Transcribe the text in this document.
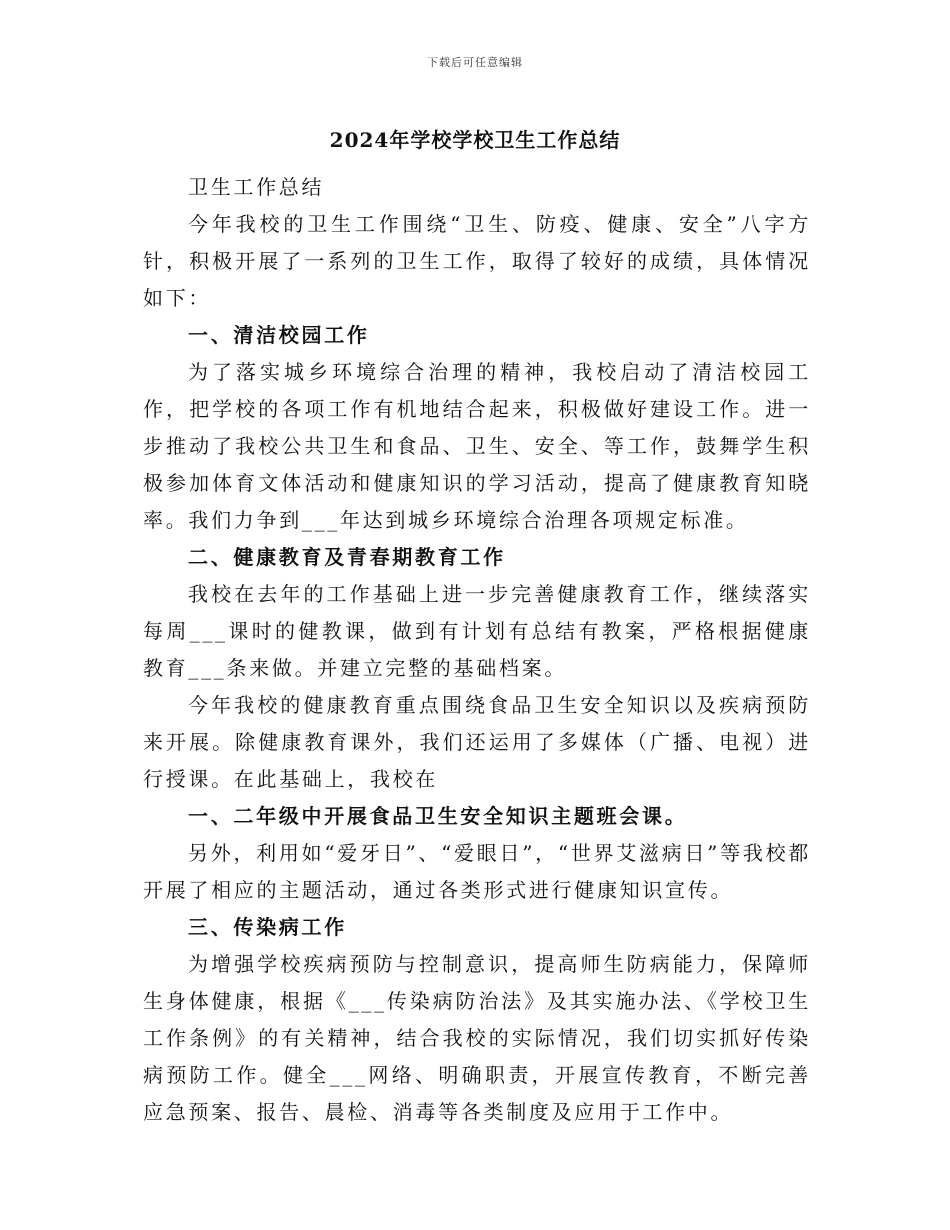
下载后可任意编辑
2024年学校学校卫生工作总结

卫生工作总结

今年我校的卫生工作围绕“卫生、防疫、健康、安全”八字方针，积极开展了一系列的卫生工作，取得了较好的成绩，具体情况如下：

一、清洁校园工作

为了落实城乡环境综合治理的精神，我校启动了清洁校园工作，把学校的各项工作有机地结合起来，积极做好建设工作。进一步推动了我校公共卫生和食品、卫生、安全、等工作，鼓舞学生积极参加体育文体活动和健康知识的学习活动，提高了健康教育知晓率。我们力争到___年达到城乡环境综合治理各项规定标准。

二、健康教育及青春期教育工作

我校在去年的工作基础上进一步完善健康教育工作，继续落实每周___课时的健教课，做到有计划有总结有教案，严格根据健康教育___条来做。并建立完整的基础档案。

今年我校的健康教育重点围绕食品卫生安全知识以及疾病预防来开展。除健康教育课外，我们还运用了多媒体（广播、电视）进行授课。在此基础上，我校在

一、二年级中开展食品卫生安全知识主题班会课。

另外，利用如“爱牙日”、“爱眼日”，“世界艾滋病日”等我校都开展了相应的主题活动，通过各类形式进行健康知识宣传。

三、传染病工作

为增强学校疾病预防与控制意识，提高师生防病能力，保障师生身体健康，根据《___传染病防治法》及其实施办法、《学校卫生工作条例》的有关精神，结合我校的实际情况，我们切实抓好传染病预防工作。健全___网络、明确职责，开展宣传教育，不断完善应急预案、报告、晨检、消毒等各类制度及应用于工作中。
